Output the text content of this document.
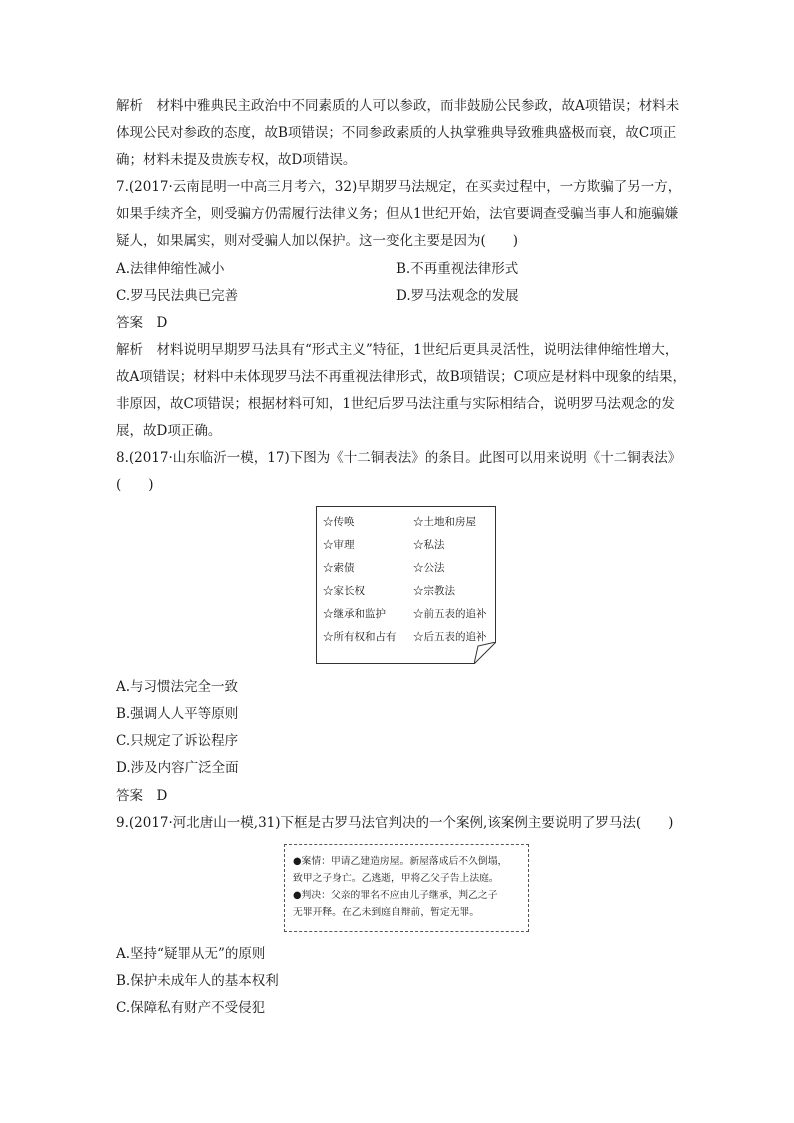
解析　材料中雅典民主政治中不同素质的人可以参政，而非鼓励公民参政，故A项错误；材料未
体现公民对参政的态度，故B项错误；不同参政素质的人执掌雅典导致雅典盛极而衰，故C项正
确；材料未提及贵族专权，故D项错误。
7.(2017·云南昆明一中高三月考六，32)早期罗马法规定，在买卖过程中，一方欺骗了另一方，
如果手续齐全，则受骗方仍需履行法律义务；但从1世纪开始，法官要调查受骗当事人和施骗嫌
疑人，如果属实，则对受骗人加以保护。这一变化主要是因为(　　)
A.法律伸缩性减小	B.不再重视法律形式
C.罗马民法典已完善	D.罗马法观念的发展
答案　D
解析　材料说明早期罗马法具有“形式主义”特征，1世纪后更具灵活性，说明法律伸缩性增大，
故A项错误；材料中未体现罗马法不再重视法律形式，故B项错误；C项应是材料中现象的结果，
非原因，故C项错误；根据材料可知，1世纪后罗马法注重与实际相结合，说明罗马法观念的发
展，故D项正确。
8.(2017·山东临沂一模，17)下图为《十二铜表法》的条目。此图可以用来说明《十二铜表法》
(　　)
☆传唤
☆审理
☆索债
☆家长权
☆继承和监护
☆所有权和占有
☆土地和房屋
☆私法
☆公法
☆宗教法
☆前五表的追补
☆后五表的追补
A.与习惯法完全一致
B.强调人人平等原则
C.只规定了诉讼程序
D.涉及内容广泛全面
答案　D
9.(2017·河北唐山一模,31)下框是古罗马法官判决的一个案例,该案例主要说明了罗马法(　　)
●案情：甲请乙建造房屋。新屋落成后不久倒塌，
致甲之子身亡。乙逃逝，甲将乙父子告上法庭。
●判决：父亲的罪名不应由儿子继承，判乙之子
无罪开释。在乙未到庭自辩前，暂定无罪。
A.坚持“疑罪从无”的原则
B.保护未成年人的基本权利
C.保障私有财产不受侵犯
